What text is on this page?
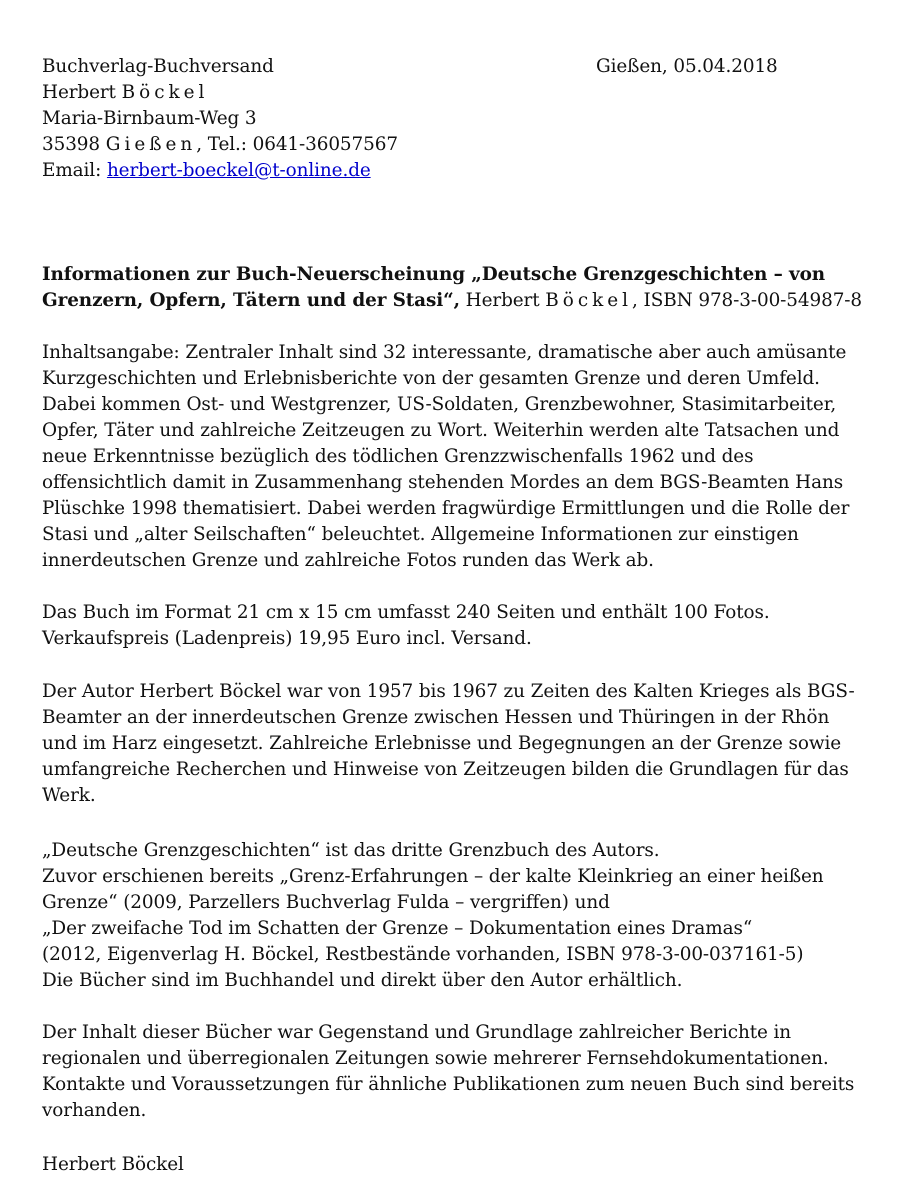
Buchverlag-Buchversand	Gießen, 05.04.2018
Herbert Böckel
Maria-Birnbaum-Weg 3
35398 Gießen, Tel.: 0641-36057567
Email: herbert-boeckel@t-online.de
Informationen zur Buch-Neuerscheinung „Deutsche Grenzgeschichten – von
Grenzern, Opfern, Tätern und der Stasi“, Herbert Böckel, ISBN 978-3-00-54987-8
Inhaltsangabe: Zentraler Inhalt sind 32 interessante, dramatische aber auch amüsante
Kurzgeschichten und Erlebnisberichte von der gesamten Grenze und deren Umfeld.
Dabei kommen Ost- und Westgrenzer, US-Soldaten, Grenzbewohner, Stasimitarbeiter,
Opfer, Täter und zahlreiche Zeitzeugen zu Wort. Weiterhin werden alte Tatsachen und
neue Erkenntnisse bezüglich des tödlichen Grenzzwischenfalls 1962 und des
offensichtlich damit in Zusammenhang stehenden Mordes an dem BGS-Beamten Hans
Plüschke 1998 thematisiert. Dabei werden fragwürdige Ermittlungen und die Rolle der
Stasi und „alter Seilschaften“ beleuchtet. Allgemeine Informationen zur einstigen
innerdeutschen Grenze und zahlreiche Fotos runden das Werk ab.
Das Buch im Format 21 cm x 15 cm umfasst 240 Seiten und enthält 100 Fotos.
Verkaufspreis (Ladenpreis) 19,95 Euro incl. Versand.
Der Autor Herbert Böckel war von 1957 bis 1967 zu Zeiten des Kalten Krieges als BGS-
Beamter an der innerdeutschen Grenze zwischen Hessen und Thüringen in der Rhön
und im Harz eingesetzt. Zahlreiche Erlebnisse und Begegnungen an der Grenze sowie
umfangreiche Recherchen und Hinweise von Zeitzeugen bilden die Grundlagen für das
Werk.
„Deutsche Grenzgeschichten“ ist das dritte Grenzbuch des Autors.
Zuvor erschienen bereits „Grenz-Erfahrungen – der kalte Kleinkrieg an einer heißen
Grenze“ (2009, Parzellers Buchverlag Fulda – vergriffen) und
„Der zweifache Tod im Schatten der Grenze – Dokumentation eines Dramas“
(2012, Eigenverlag H. Böckel, Restbestände vorhanden, ISBN 978-3-00-037161-5)
Die Bücher sind im Buchhandel und direkt über den Autor erhältlich.
Der Inhalt dieser Bücher war Gegenstand und Grundlage zahlreicher Berichte in
regionalen und überregionalen Zeitungen sowie mehrerer Fernsehdokumentationen.
Kontakte und Voraussetzungen für ähnliche Publikationen zum neuen Buch sind bereits
vorhanden.
Herbert Böckel
